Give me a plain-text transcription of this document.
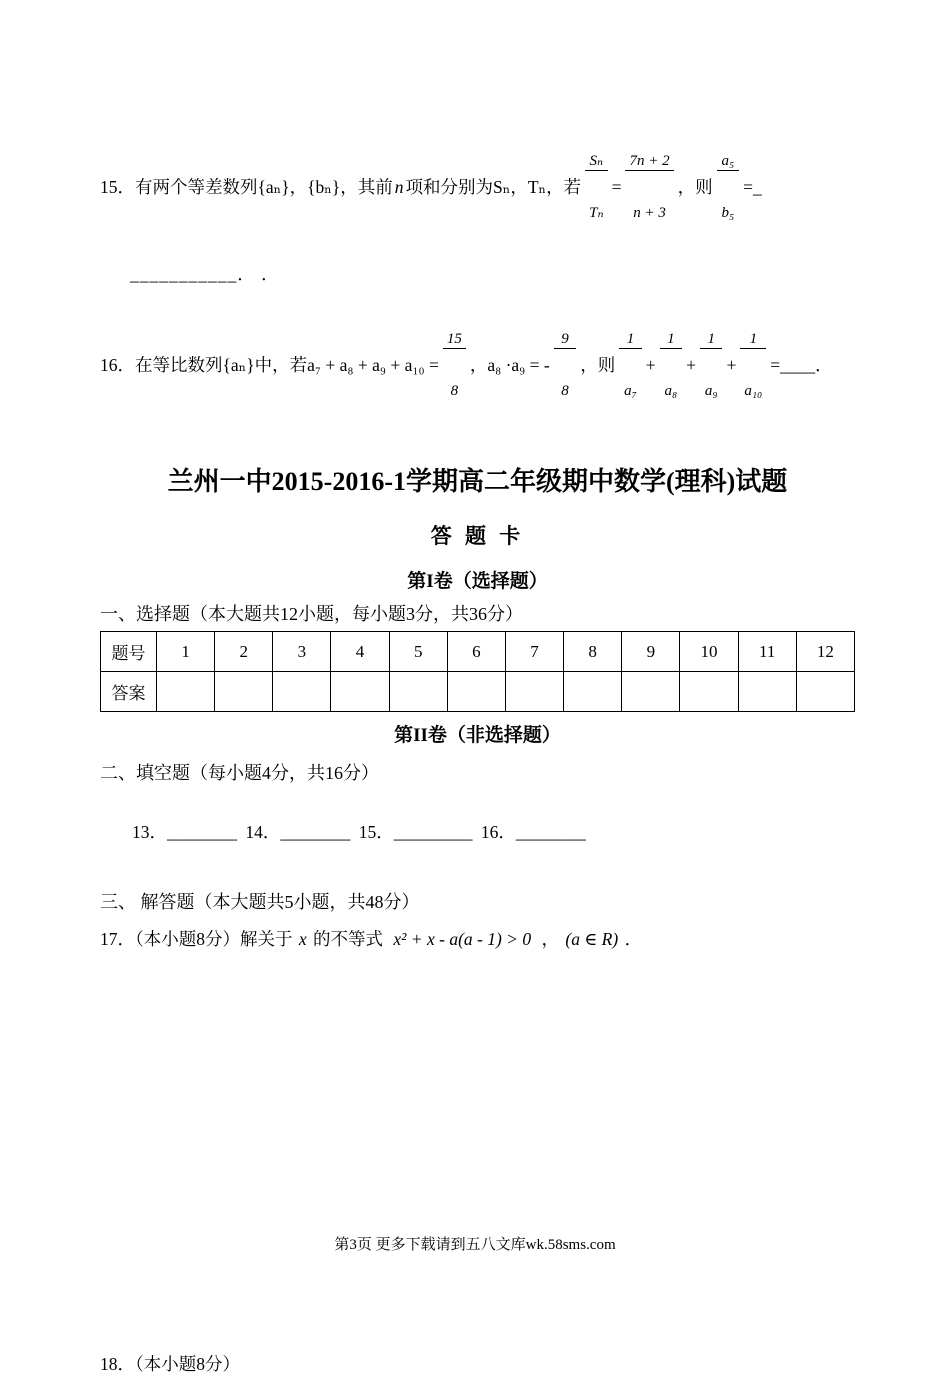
15．有两个等差数列{aₙ}，{bₙ}，其前 n 项和分别为Sₙ，Tₙ，若

$\frac{\text{Sₙ}}{\text{Tₙ}}$

=

$\frac{7n + 2}{n + 3}$

，则

$\frac{\text{a₅}}{\text{b₅}}$

=_
___________． ．
16．在等比数列{aₙ}中，若a₇ + a₈ + a₉ + a₁₀ =

$\frac{15}{8}$

，a₈ ·a₉ = -

$\frac{9}{8}$

，则

$\frac{1}{\text{a₇}}$

+

$\frac{1}{\text{a₈}}$

+

$\frac{1}{\text{a₉}}$

+

$\frac{1}{\text{a₁₀}}$

=____．
兰州一中2015-2016-1学期高二年级期中数学(理科)试题
答 题 卡
第I卷（选择题）
一、选择题（本大题共12小题，每小题3分，共36分）
题号	1	2	3	4	5	6	7	8	9	10	11	12
答案												
第II卷（非选择题）
二、填空题（每小题4分，共16分）
13．________ 14．________ 15．_________ 16．________
三、 解答题（本大题共5小题，共48分）
17．（本小题8分）解关于 x 的不等式 x² + x - a(a - 1) > 0 ， (a ∈ R) ．
18．（本小题8分）
第3页 更多下载请到五八文库wk.58sms.com
